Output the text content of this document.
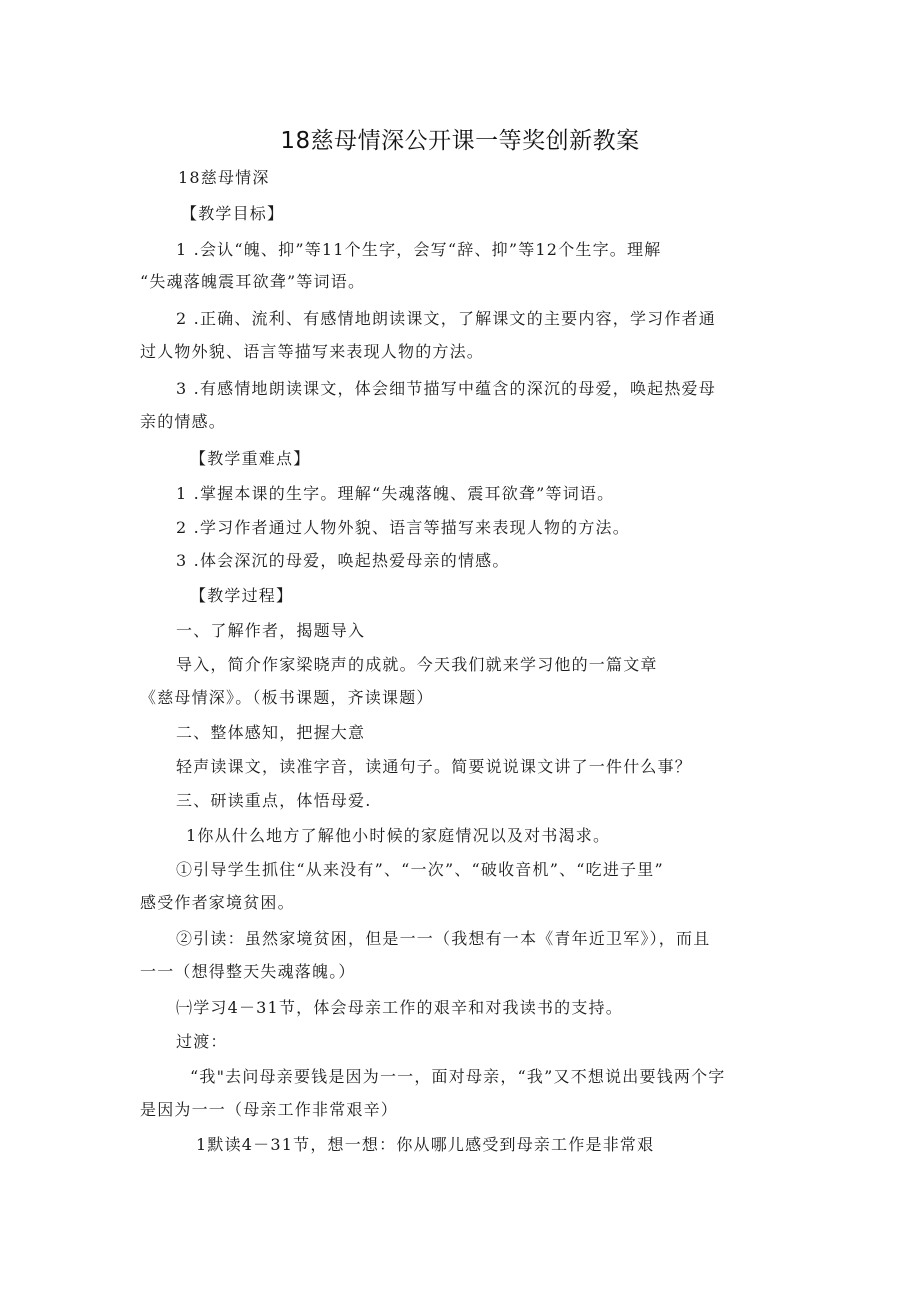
18慈母情深公开课一等奖创新教案
18慈母情深
【教学目标】
1 .会认“魄、抑”等11个生字，会写“辞、抑”等12个生字。理解
“失魂落魄震耳欲聋”等词语。
2 .正确、流利、有感情地朗读课文，了解课文的主要内容，学习作者通
过人物外貌、语言等描写来表现人物的方法。
3 .有感情地朗读课文，体会细节描写中蕴含的深沉的母爱，唤起热爱母
亲的情感。
【教学重难点】
1 .掌握本课的生字。理解“失魂落魄、震耳欲聋”等词语。
2 .学习作者通过人物外貌、语言等描写来表现人物的方法。
3 .体会深沉的母爱，唤起热爱母亲的情感。
【教学过程】
一、了解作者，揭题导入
导入，简介作家梁晓声的成就。今天我们就来学习他的一篇文章
《慈母情深》。（板书课题，齐读课题）
二、整体感知，把握大意
轻声读课文，读准字音，读通句子。简要说说课文讲了一件什么事？
三、研读重点，体悟母爱.
1你从什么地方了解他小时候的家庭情况以及对书渴求。
①引导学生抓住“从来没有”、“一次”、“破收音机”、“吃进子里”
感受作者家境贫困。
②引读：虽然家境贫困，但是一一（我想有一本《青年近卫军》），而且
一一（想得整天失魂落魄。）
㈠学习4－31节，体会母亲工作的艰辛和对我读书的支持。
过渡：
“我"去问母亲要钱是因为一一，面对母亲，“我”又不想说出要钱两个字
是因为一一（母亲工作非常艰辛）
1默读4－31节，想一想：你从哪儿感受到母亲工作是非常艰
